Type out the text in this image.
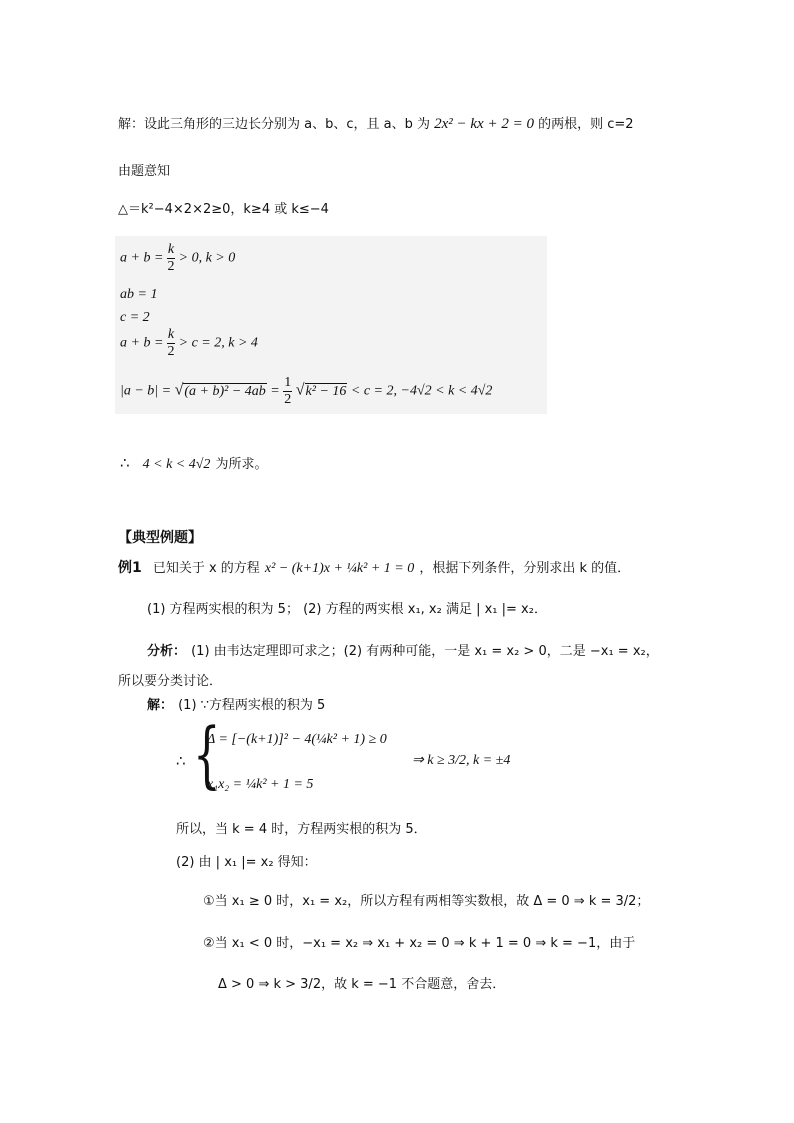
解：设此三角形的三边长分别为 a、b、c，且 a、b 为 2x² − kx + 2 = 0 的两根，则 c=2
由题意知
△＝k²−4×2×2≥0，k≥4 或 k≤−4
$a + b = \frac{k}{2} > 0$, k > 0
ab = 1
c = 2
$a + b = \frac{k}{2} > c = 2$, k > 4
$|a - b| = √(a + b)^2 - 4ab = \frac{1}{2} √k^2 - 16 < c = 2$, −4√2 < k < 4√2
∴ 4 < k < 4√2 为所求。
【典型例题】
例1 已知关于 x 的方程 x² − (k+1)x + ¼k² + 1 = 0 ，根据下列条件，分别求出 k 的值．
(1) 方程两实根的积为 5； (2) 方程的两实根 x₁, x₂ 满足 | x₁ |= x₂．
分析： (1) 由韦达定理即可求之；(2) 有两种可能，一是 x₁ = x₂ > 0，二是 −x₁ = x₂，
所以要分类讨论．
解： (1) ∵方程两实根的积为 5
∴ {
Δ = [−(k+1)]² − 4(¼k² + 1) ≥ 0
x₁x₂ = ¼k² + 1 = 5
⇒ k ≥ 3/2, k = ±4
所以，当 k = 4 时，方程两实根的积为 5．
(2) 由 | x₁ |= x₂ 得知：
①当 x₁ ≥ 0 时，x₁ = x₂，所以方程有两相等实数根，故 Δ = 0 ⇒ k = 3/2；
②当 x₁ < 0 时，−x₁ = x₂ ⇒ x₁ + x₂ = 0 ⇒ k + 1 = 0 ⇒ k = −1，由于
Δ > 0 ⇒ k > 3/2，故 k = −1 不合题意，舍去．
